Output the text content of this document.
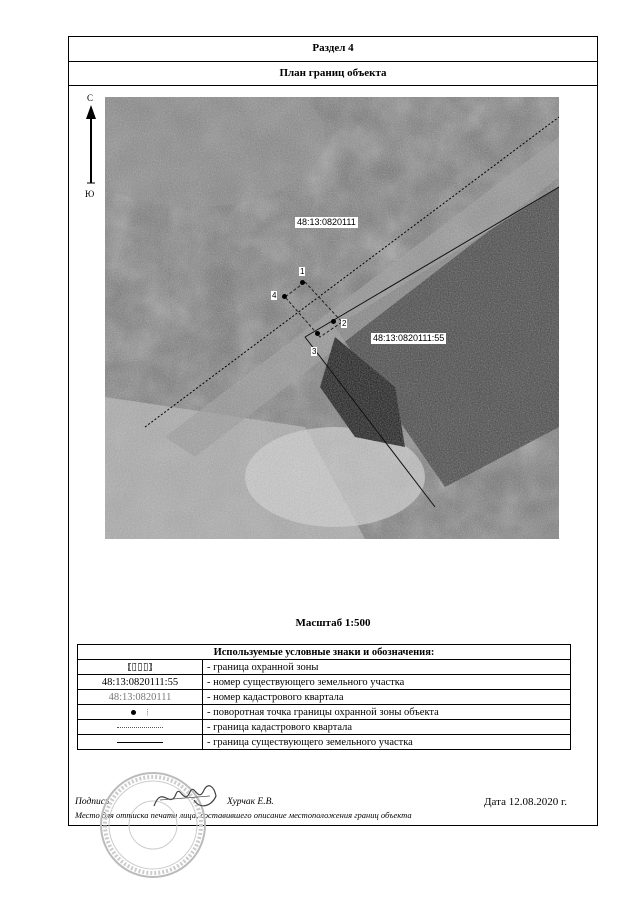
Раздел 4
План границ объекта
С
Ю
48:13:0820111
48:13:0820111:55
1
2
3
4
Масштаб 1:500
Используемые условные знаки и обозначения:	
	- граница охранной зоны
48:13:0820111:55	- номер существующего земельного участка
48:13:0820111	- номер кадастрового квартала
⁞	- поворотная точка границы охранной зоны объекта
	- граница кадастрового квартала
	- граница существующего земельного участка
Подпись	Хурчак Е.В.	Дата 12.08.2020 г.
Место для оттиска печати лица, составившего описание местоположения границ объекта
